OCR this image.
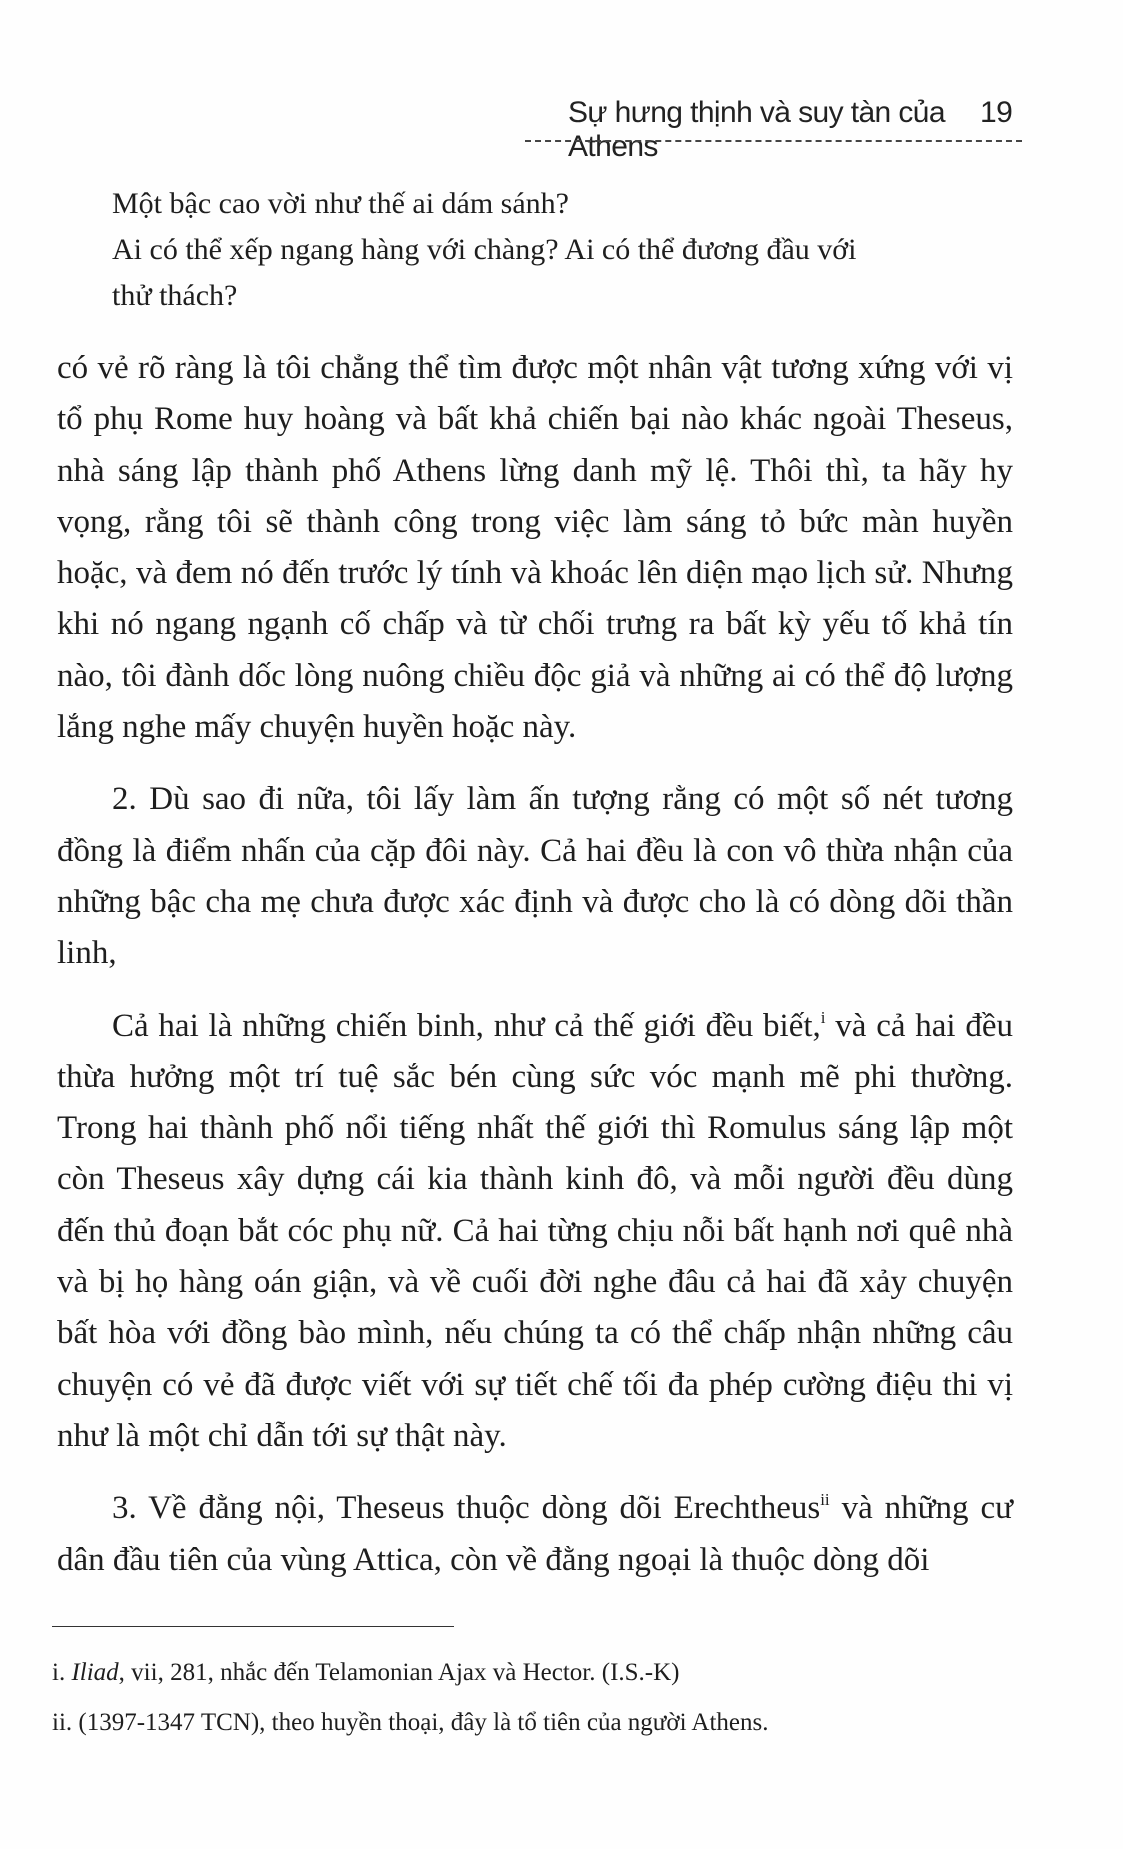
Sự hưng thịnh và suy tàn của Athens
19

Một bậc cao vời như thế ai dám sánh?

Ai có thể xếp ngang hàng với chàng? Ai có thể đương đầu với

thử thách?

có vẻ rõ ràng là tôi chẳng thể tìm được một nhân vật tương xứng với vị tổ phụ Rome huy hoàng và bất khả chiến bại nào khác ngoài Theseus, nhà sáng lập thành phố Athens lừng danh mỹ lệ. Thôi thì, ta hãy hy vọng, rằng tôi sẽ thành công trong việc làm sáng tỏ bức màn huyền hoặc, và đem nó đến trước lý tính và khoác lên diện mạo lịch sử. Nhưng khi nó ngang ngạnh cố chấp và từ chối trưng ra bất kỳ yếu tố khả tín nào, tôi đành dốc lòng nuông chiều độc giả và những ai có thể độ lượng lắng nghe mấy chuyện huyền hoặc này.

2. Dù sao đi nữa, tôi lấy làm ấn tượng rằng có một số nét tương đồng là điểm nhấn của cặp đôi này. Cả hai đều là con vô thừa nhận của những bậc cha mẹ chưa được xác định và được cho là có dòng dõi thần linh,

Cả hai là những chiến binh, như cả thế giới đều biết,$^i$ và cả hai đều thừa hưởng một trí tuệ sắc bén cùng sức vóc mạnh mẽ phi thường. Trong hai thành phố nổi tiếng nhất thế giới thì Romulus sáng lập một còn Theseus xây dựng cái kia thành kinh đô, và mỗi người đều dùng đến thủ đoạn bắt cóc phụ nữ. Cả hai từng chịu nỗi bất hạnh nơi quê nhà và bị họ hàng oán giận, và về cuối đời nghe đâu cả hai đã xảy chuyện bất hòa với đồng bào mình, nếu chúng ta có thể chấp nhận những câu chuyện có vẻ đã được viết với sự tiết chế tối đa phép cường điệu thi vị như là một chỉ dẫn tới sự thật này.

3. Về đằng nội, Theseus thuộc dòng dõi Erechtheus$^{ii}$ và những cư dân đầu tiên của vùng Attica, còn về đằng ngoại là thuộc dòng dõi

i. Iliad, vii, 281, nhắc đến Telamonian Ajax và Hector. (I.S.-K)

ii. (1397-1347 TCN), theo huyền thoại, đây là tổ tiên của người Athens.
